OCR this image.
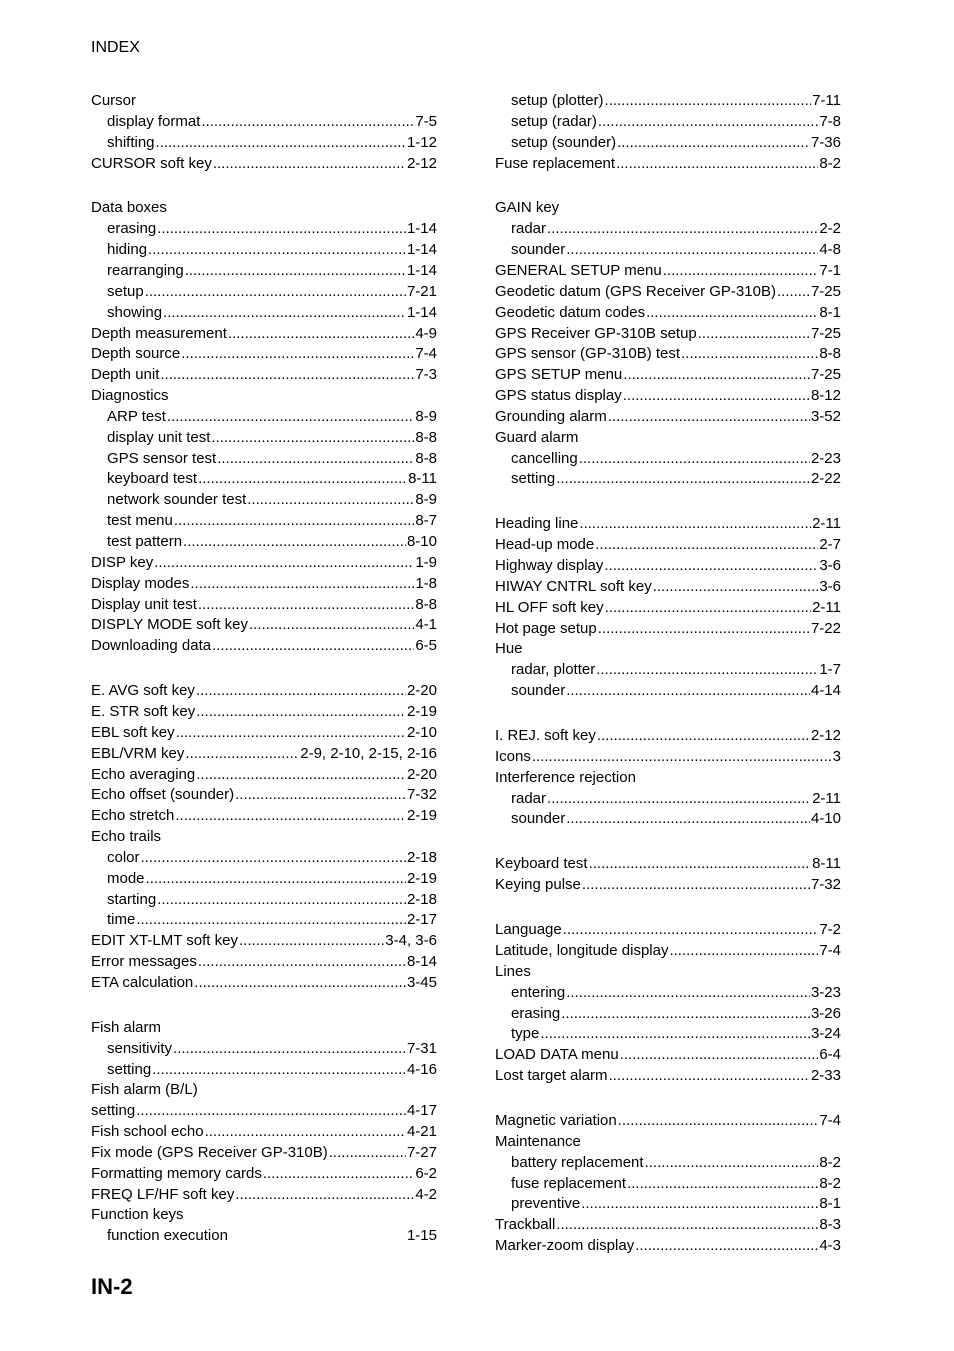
INDEX
Cursor
display format .....	7-5
shifting .....	1-12
CURSOR soft key .....	2-12
Data boxes
erasing .....	1-14
hiding .....	1-14
rearranging .....	1-14
setup .....	7-21
showing .....	1-14
Depth measurement .....	4-9
Depth source .....	7-4
Depth unit .....	7-3
Diagnostics
ARP test .....	8-9
display unit test .....	8-8
GPS sensor test .....	8-8
keyboard test .....	8-11
network sounder test .....	8-9
test menu .....	8-7
test pattern .....	8-10
DISP key .....	1-9
Display modes .....	1-8
Display unit test .....	8-8
DISPLY MODE soft key .....	4-1
Downloading data .....	6-5
E. AVG soft key .....	2-20
E. STR soft key .....	2-19
EBL soft key .....	2-10
EBL/VRM key .....	2-9, 2-10, 2-15, 2-16
Echo averaging .....	2-20
Echo offset (sounder) .....	7-32
Echo stretch .....	2-19
Echo trails
color .....	2-18
mode .....	2-19
starting .....	2-18
time .....	2-17
EDIT XT-LMT soft key .....	3-4, 3-6
Error messages .....	8-14
ETA calculation .....	3-45
Fish alarm
sensitivity .....	7-31
setting .....	4-16
Fish alarm (B/L)
setting .....	4-17
Fish school echo .....	4-21
Fix mode (GPS Receiver GP-310B) .....	7-27
Formatting memory cards .....	6-2
FREQ LF/HF soft key .....	4-2
Function keys
function execution	1-15
setup (plotter) .....	7-11
setup (radar) .....	7-8
setup (sounder) .....	7-36
Fuse replacement .....	8-2
GAIN key
radar .....	2-2
sounder .....	4-8
GENERAL SETUP menu .....	7-1
Geodetic datum (GPS Receiver GP-310B) ..... 7-25
Geodetic datum codes .....	8-1
GPS Receiver GP-310B setup .....	7-25
GPS sensor (GP-310B) test .....	8-8
GPS SETUP menu .....	7-25
GPS status display .....	8-12
Grounding alarm .....	3-52
Guard alarm
cancelling .....	2-23
setting .....	2-22
Heading line .....	2-11
Head-up mode .....	2-7
Highway display .....	3-6
HIWAY CNTRL soft key .....	3-6
HL OFF soft key .....	2-11
Hot page setup .....	7-22
Hue
radar, plotter .....	1-7
sounder .....	4-14
I. REJ. soft key .....	2-12
Icons .....	3
Interference rejection
radar .....	2-11
sounder .....	4-10
Keyboard test .....	8-11
Keying pulse .....	7-32
Language .....	7-2
Latitude, longitude display .....	7-4
Lines
entering .....	3-23
erasing .....	3-26
type .....	3-24
LOAD DATA menu .....	6-4
Lost target alarm .....	2-33
Magnetic variation .....	7-4
Maintenance
battery replacement .....	8-2
fuse replacement .....	8-2
preventive .....	8-1
Trackball .....	8-3
Marker-zoom display .....	4-3
IN-2
